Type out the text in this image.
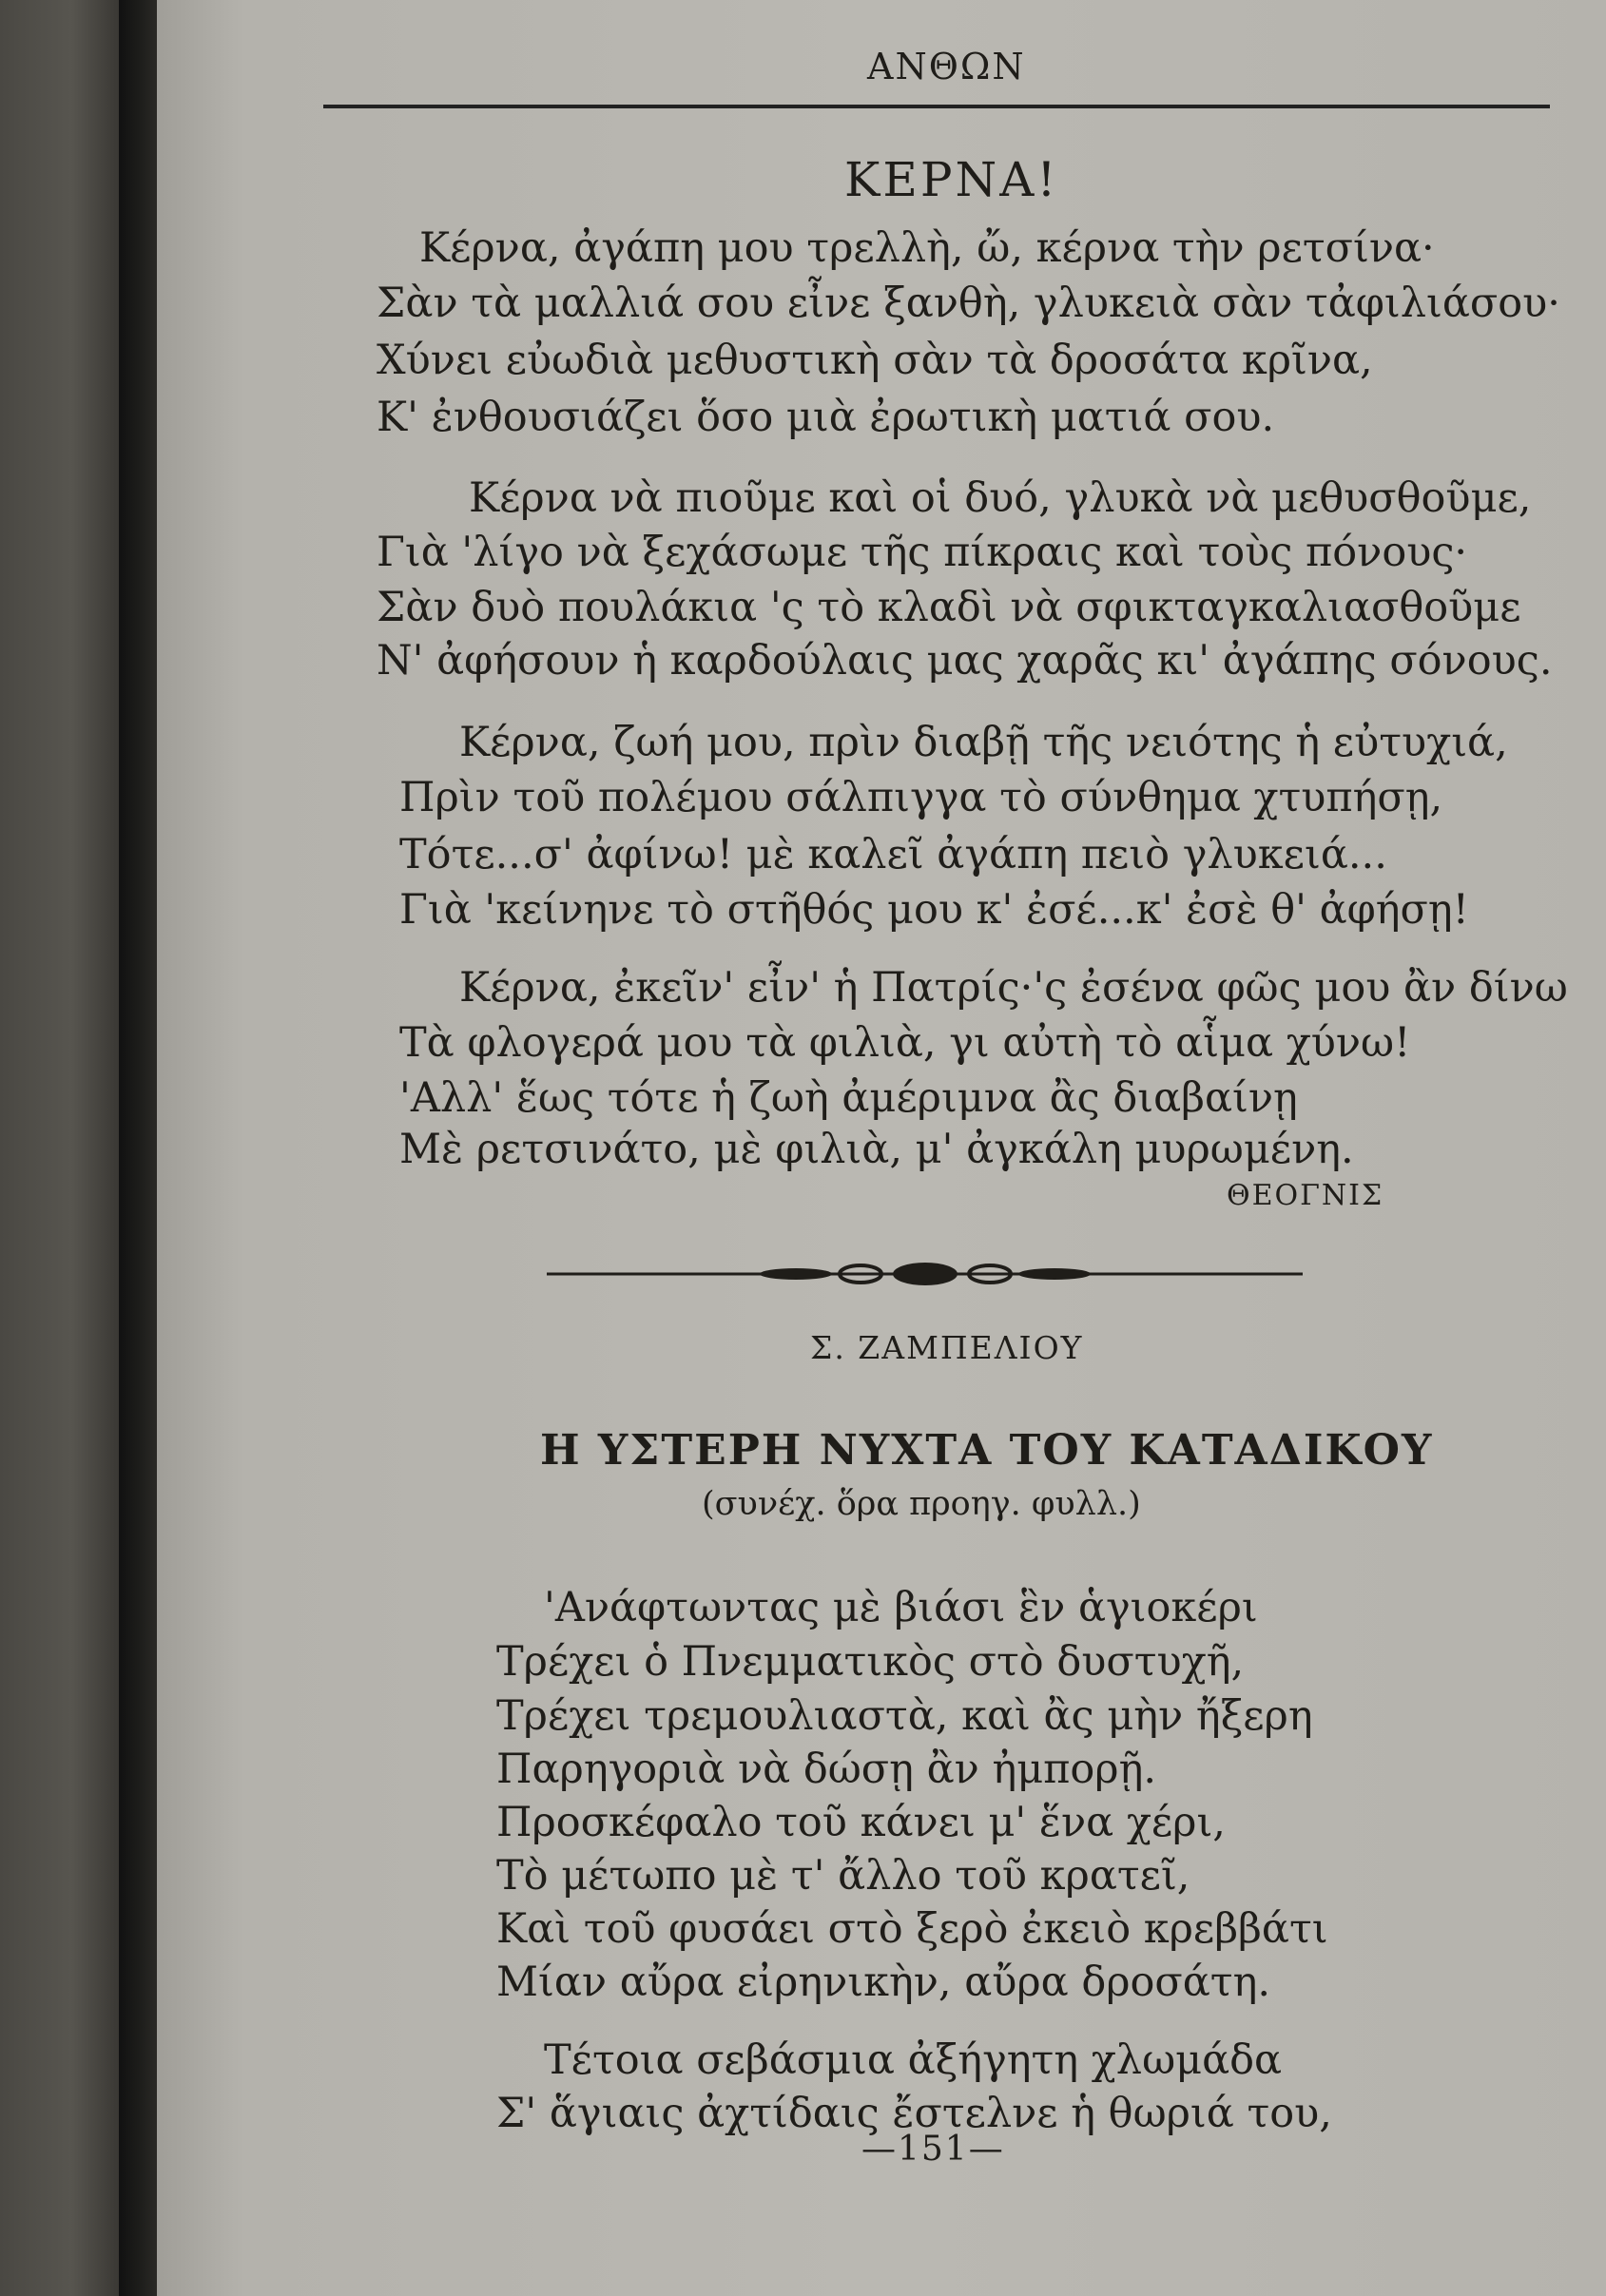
ΑΝΘΩΝ
ΚΕΡΝΑ!
Κέρνα, ἀγάπη μου τρελλὴ, ὤ, κέρνα τὴν ρετσίνα·
Σὰν τὰ μαλλιά σου εἶνε ξανθὴ, γλυκειὰ σὰν τἀφιλιάσου·
Χύνει εὐωδιὰ μεθυστικὴ σὰν τὰ δροσάτα κρῖνα,
Κ' ἐνθουσιάζει ὅσο μιὰ ἐρωτικὴ ματιά σου.
Κέρνα νὰ πιοῦμε καὶ οἱ δυό, γλυκὰ νὰ μεθυσθοῦμε,
Γιὰ 'λίγο νὰ ξεχάσωμε τῆς πίκραις καὶ τοὺς πόνους·
Σὰν δυὸ πουλάκια 'ς τὸ κλαδὶ νὰ σφικταγκαλιασθοῦμε
Ν' ἀφήσουν ἡ καρδούλαις μας χαρᾶς κι' ἀγάπης σόνους.
Κέρνα, ζωή μου, πρὶν διαβῇ τῆς νειότης ἡ εὐτυχιά,
Πρὶν τοῦ πολέμου σάλπιγγα τὸ σύνθημα χτυπήσῃ,
Τότε...σ' ἀφίνω! μὲ καλεῖ ἀγάπη πειὸ γλυκειά...
Γιὰ 'κείνηνε τὸ στῆθός μου κ' ἐσέ...κ' ἐσὲ θ' ἀφήσῃ!
Κέρνα, ἐκεῖν' εἶν' ἡ Πατρίς·'ς ἐσένα φῶς μου ἂν δίνω
Τὰ φλογερά μου τὰ φιλιὰ, γι αὐτὴ τὸ αἷμα χύνω!
'Αλλ' ἕως τότε ἡ ζωὴ ἀμέριμνα ἂς διαβαίνῃ
Μὲ ρετσινάτο, μὲ φιλιὰ, μ' ἀγκάλη μυρωμένη.
ΘΕΟΓΝΙΣ
Σ. ΖΑΜΠΕΛΙΟΥ
Η ΥΣΤΕΡΗ ΝΥΧΤΑ ΤΟΥ ΚΑΤΑΔΙΚΟΥ
(συνέχ. ὅρα προηγ. φυλλ.)
'Ανάφτωντας μὲ βιάσι ἓν ἁγιοκέρι
Τρέχει ὁ Πνεμματικὸς στὸ δυστυχῆ,
Τρέχει τρεμουλιαστὰ, καὶ ἂς μὴν ἤξερη
Παρηγοριὰ νὰ δώσῃ ἂν ἠμπορῇ.
Προσκέφαλο τοῦ κάνει μ' ἕνα χέρι,
Τὸ μέτωπο μὲ τ' ἄλλο τοῦ κρατεῖ,
Καὶ τοῦ φυσάει στὸ ξερὸ ἐκειὸ κρεββάτι
Μίαν αὔρα εἰρηνικὴν, αὔρα δροσάτη.
Τέτοια σεβάσμια ἀξήγητη χλωμάδα
Σ' ἅγιαις ἀχτίδαις ἔστελνε ἡ θωριά του,
—151—
